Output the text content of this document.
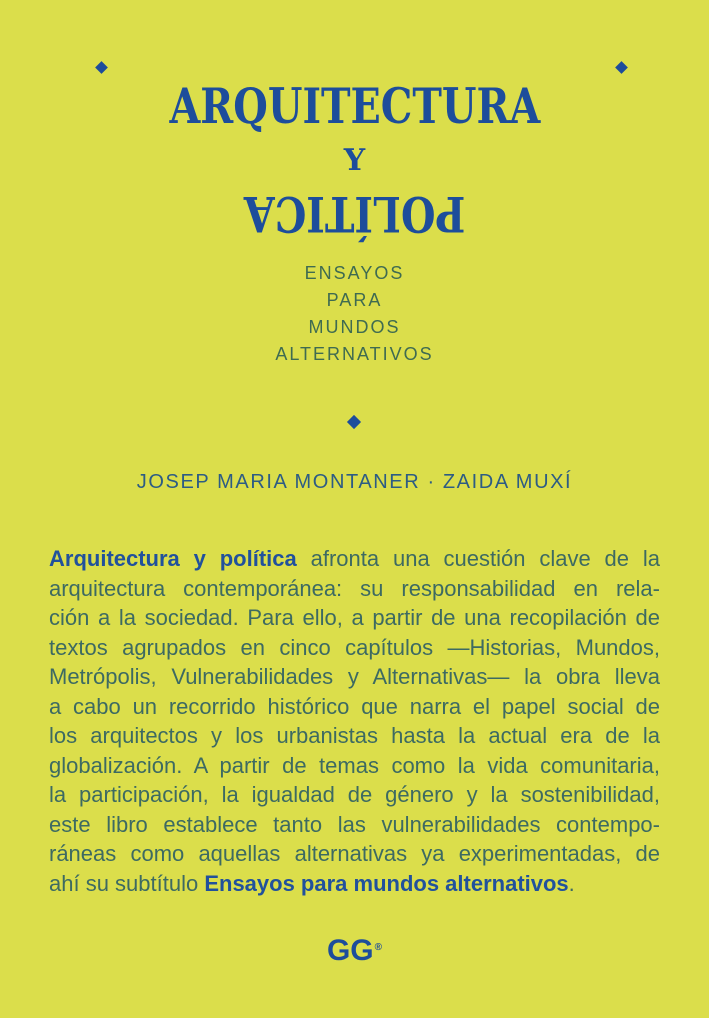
ARQUITECTURA
Y
POLÍTICA
ENSAYOS
PARA
MUNDOS
ALTERNATIVOS
JOSEP MARIA MONTANER · ZAIDA MUXÍ
Arquitectura y política afronta una cuestión clave de la
arquitectura contemporánea: su responsabilidad en rela-
ción a la sociedad. Para ello, a partir de una recopilación de
textos agrupados en cinco capítulos —Historias, Mundos,
Metrópolis, Vulnerabilidades y Alternativas— la obra lleva
a cabo un recorrido histórico que narra el papel social de
los arquitectos y los urbanistas hasta la actual era de la
globalización. A partir de temas como la vida comunitaria,
la participación, la igualdad de género y la sostenibilidad,
este libro establece tanto las vulnerabilidades contempo-
ráneas como aquellas alternativas ya experimentadas, de
ahí su subtítulo Ensayos para mundos alternativos.
GG®
